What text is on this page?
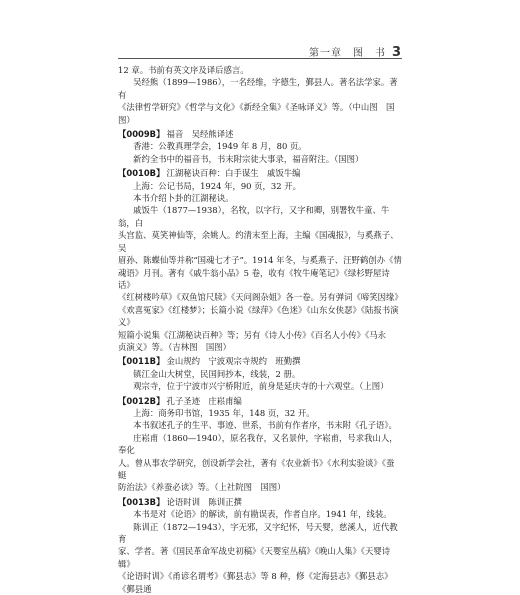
第一章　图　书 3

12 章。书前有英文序及译后感言。

吴经熊（1899—1986），一名经维，字德生，鄞县人。著名法学家。著有

《法律哲学研究》《哲学与文化》《新经全集》《圣咏译义》等。（中山图　国图）

【0009B】 福音　吴经熊译述

香港：公教真理学会，1949 年 8 月，80 页。

新约全书中的福音书，书末附宗徒大事录，福音附注。（国图）

【0010B】 江湖秘诀百种：白手谋生　戚饭牛编

上海：公记书局，1924 年，90 页，32 开。

本书介绍卜卦的江湖秘诀。

戚饭牛（1877—1938），名牧，以字行，又字和卿，别署牧牛童、牛翁，白

头宫监、莫笑神仙等，余姚人。约清末至上海，主编《国魂报》，与奚燕子、吴

眉孙、陈蝶仙等并称“国魂七才子”。1914 年冬，与奚燕子、汪野鹤创办《情

魂语》月刊。著有《戚牛翁小品》5 卷，收有《牧牛庵笔记》《绿杉野屋诗话》

《红树楼吟草》《双鱼馆尺牍》《天问阁杂姐》各一卷。另有弹词《啼笑因缘》

《欢喜冤家》《红楼梦》；长篇小说《绿萍》《色迷》《山东女侠瑟》《陆报书演义》

短篇小说集《江湖秘诀百种》等；另有《诗人小传》《百名人小传》《马永

贞演义》等。（吉林图　国图）

【0011B】 金山规约　宁波观宗寺规约　班勤撰

镇江金山大树堂，民国间抄本，线装，2 册。

观宗寺，位于宁波市兴宁桥附近，前身是延庆寺的十六观堂。（上图）

【0012B】 孔子圣迹　庄崧甫编

上海：商务印书馆，1935 年，148 页，32 开。

本书叙述孔子的生平、事迹、世系，书前有作者序，书末附《孔子语》。

庄崧甫（1860—1940），原名我存，又名景仲，字崧甫，号求我山人，奉化

人。曾从事农学研究，创设新学会社，著有《农业新书》《水利实验谈》《蚕蜓

防治法》《养蚕必读》等。（上社院图　国图）

【0013B】 论语时训　陈训正撰

本书是对《论语》的解读，前有勘误表，作者自序。1941 年，线装。

陈训正（1872—1943），字无邪，又字纪怀，号天婴，慈溪人，近代教育

家、学者。著《国民革命军战史初稿》《天婴室丛稿》《晚山人集》《天婴诗辑》

《论语时训》《甬谚名谓考》《鄞县志》等 8 种，修《定海县志》《鄞县志》《鄞县通
